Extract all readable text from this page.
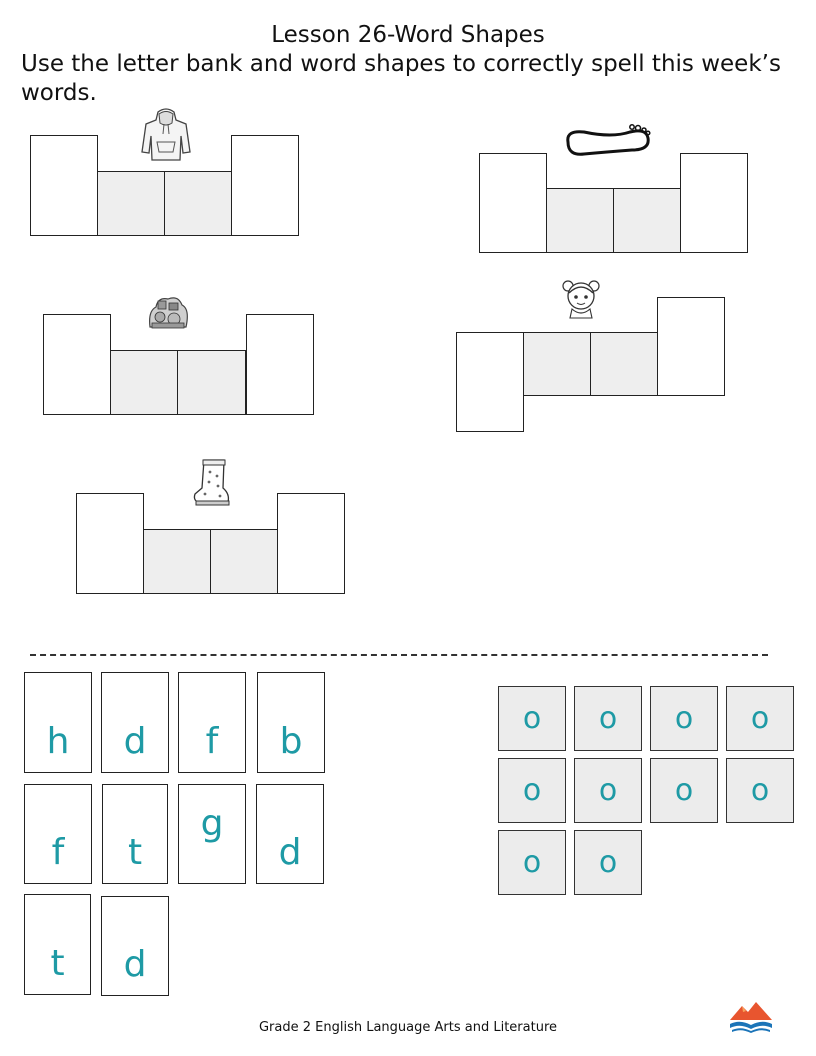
Lesson 26-Word Shapes
Use the letter bank and word shapes to correctly spell this week’s words.
h	d	f	b
f	t
g
d
t	d
o o o o
o o o o
o o
Grade 2 English Language Arts and Literature
